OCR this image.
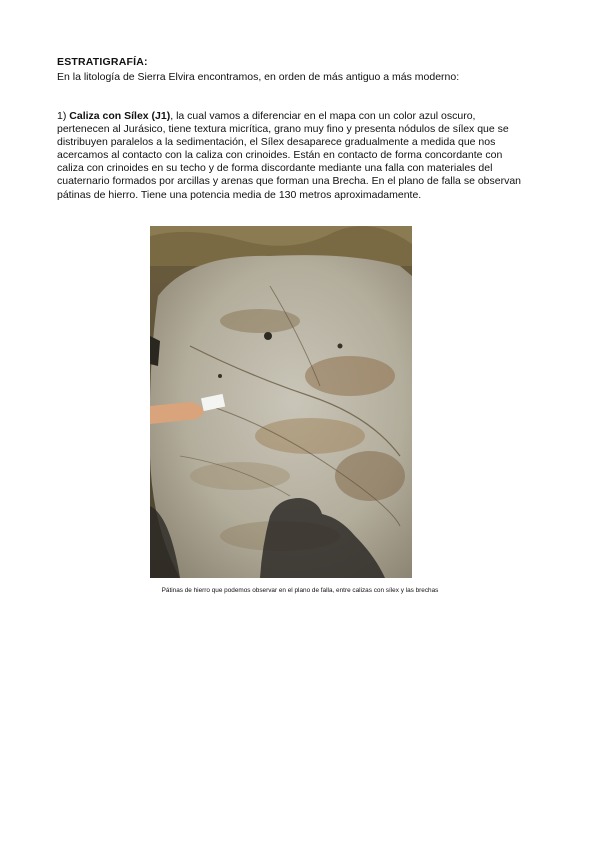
ESTRATIGRAFÍA:
En la litología de Sierra Elvira encontramos, en orden de más antiguo a más moderno:
1) Caliza con Sílex (J1), la cual vamos a diferenciar en el mapa con un color azul oscuro, pertenecen al Jurásico, tiene textura micrítica, grano muy fino y presenta nódulos de sílex que se distribuyen paralelos a la sedimentación, el Sílex desaparece gradualmente a medida que nos acercamos al contacto con la caliza con crinoides. Están en contacto de forma concordante con caliza con crinoides en su techo y de forma discordante mediante una falla con materiales del cuaternario formados por arcillas y arenas que forman una Brecha. En el plano de falla se observan pátinas de hierro. Tiene una potencia media de 130 metros aproximadamente.
Pátinas de hierro que podemos observar en el plano de falla, entre calizas con sílex y las brechas
